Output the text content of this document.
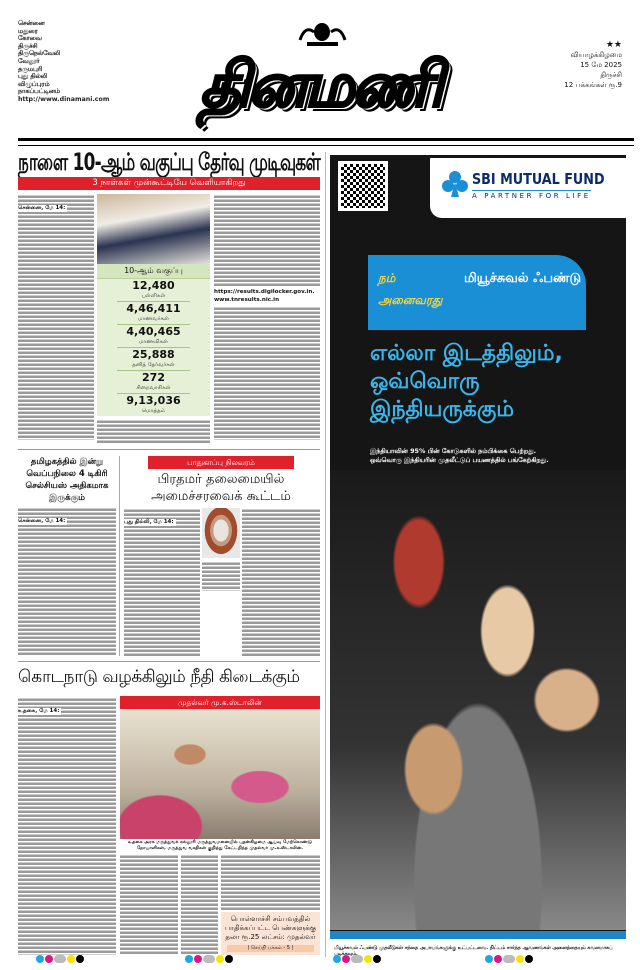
சென்னை
மதுரை
கோவை
திருச்சி
திருநெல்வேலி
வேலூர்
தருமபுரி
புது தில்லி
விழுப்புரம்
நாகப்பட்டினம்
http://www.dinamani.com	தினமணி
★★
வியாழக்கிழமை
15 மே 2025
திருச்சி
12 பக்கங்கள் ரூ.9
நாளை 10-ஆம் வகுப்பு தேர்வு முடிவுகள்
3 நாள்கள் முன்கூட்டியே வெளியாகிறது
சென்னை, மே 14:
10-ஆம் வகுப்பு
12,480
பள்ளிகள்
4,46,411
மாணவர்கள்
4,40,465
மாணவிகள்
25,888
தனித் தேர்வர்கள்
272
சிறைவாசிகள்
9,13,036
மொத்தம்
https://results.digilocker.gov.in. www.tnresults.nic.in
தமிழகத்தில் இன்று வெப்பநிலை 4 டிகிரி செல்சியஸ் அதிகமாக இருக்கும்
சென்னை, மே 14:
பாதுகாப்பு நிலவரம்
பிரதமர் தலைமையில் அமைச்சரவைக் கூட்டம்
புது தில்லி, மே 14:
கொடநாடு வழக்கிலும் நீதி கிடைக்கும்
உதகை, மே 14:
முதல்வர் மு.க.ஸ்டாலின்
உதகை அரசு மருத்துவக் கல்லூரி மருத்துவமனையில் புதன்கிழமை ஆய்வு மேற்கொண்டு நோயாளிகள், மருத்துவ வசதிகள் குறித்து கேட்டறிந்த முதல்வர் மு.க.ஸ்டாலின்.
பொள்ளாச்சி சம்பவத்தில் பாதிக்கப்பட்ட பெண்களுக்கு தலா ரூ.25 லட்சம்: முதல்வர்
( செய்தி பக்கம் - 5 )
SBI MUTUAL FUND
A PARTNER FOR LIFE
நம் அனைவரது
மியூச்சுவல் ஃபண்டு
எல்லா இடத்திலும், ஒவ்வொரு இந்தியருக்கும்
இந்தியாவின் 95% பின் கோடுகளில் நம்பிக்கை பெற்றது.
ஒவ்வொரு இந்தியரின் முதலீட்டுப் பயணத்தில் பங்கேற்கிறது.
மியூச்சுவல் ஃபண்டு முதலீடுகள் சந்தை அபாயங்களுக்கு உட்பட்டவை. திட்டம் சார்ந்த ஆவணங்கள் அனைத்தையும் கவனமாகப்
